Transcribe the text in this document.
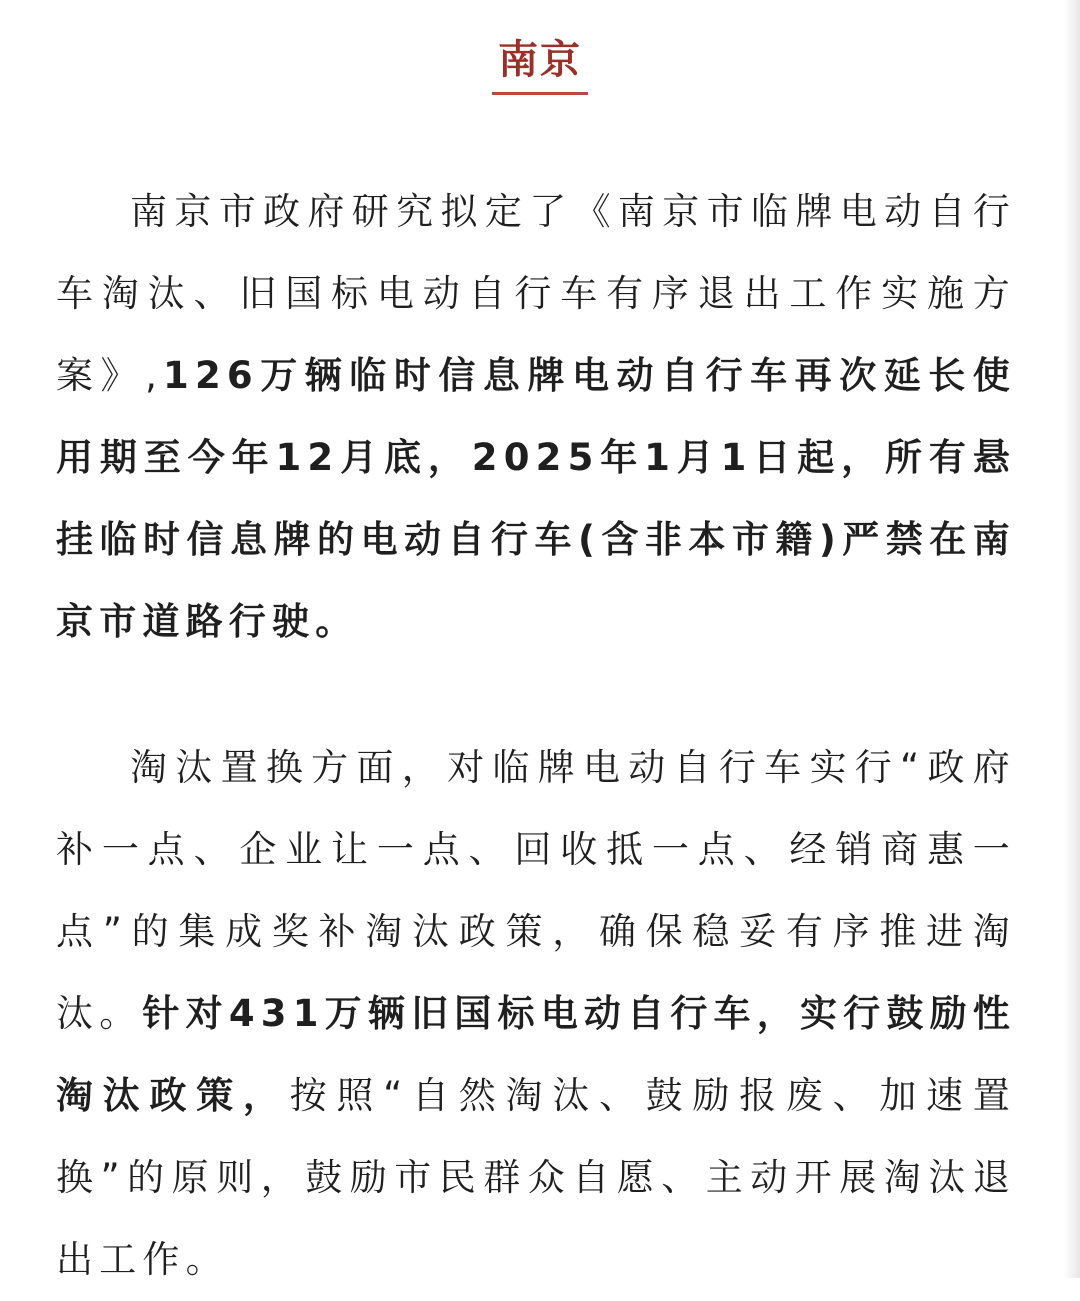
南京

南京市政府研究拟定了《南京市临牌电动自行车淘汰、旧国标电动自行车有序退出工作实施方案》,126万辆临时信息牌电动自行车再次延长使用期至今年12月底，2025年1月1日起，所有悬挂临时信息牌的电动自行车(含非本市籍)严禁在南京市道路行驶。

淘汰置换方面，对临牌电动自行车实行“政府补一点、企业让一点、回收抵一点、经销商惠一点”的集成奖补淘汰政策，确保稳妥有序推进淘汰。针对431万辆旧国标电动自行车，实行鼓励性淘汰政策，按照“自然淘汰、鼓励报废、加速置换”的原则，鼓励市民群众自愿、主动开展淘汰退出工作。
